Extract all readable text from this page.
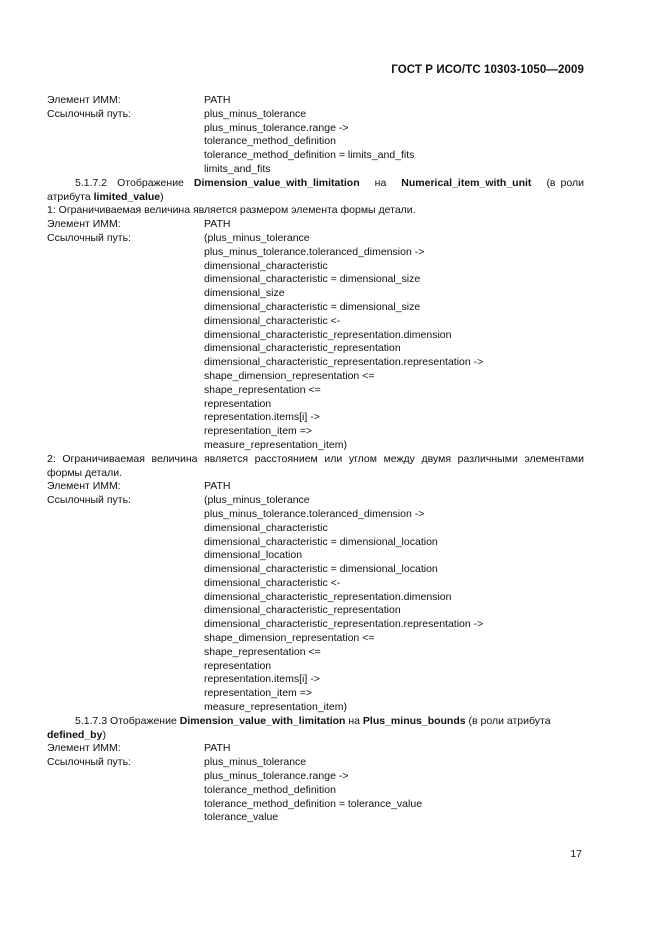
ГОСТ Р ИСО/ТС 10303-1050—2009
Элемент ИММ:	PATH
Ссылочный путь:	plus_minus_tolerance
plus_minus_tolerance.range ->
tolerance_method_definition
tolerance_method_definition = limits_and_fits
limits_and_fits
5.1.7.2 Отображение Dimension_value_with_limitation на Numerical_item_with_unit (в роли атрибута limited_value)
1: Ограничиваемая величина является размером элемента формы детали.
Элемент ИММ:	PATH
Ссылочный путь:	(plus_minus_tolerance
plus_minus_tolerance.toleranced_dimension ->
dimensional_characteristic
dimensional_characteristic = dimensional_size
dimensional_size
dimensional_characteristic = dimensional_size
dimensional_characteristic <-
dimensional_characteristic_representation.dimension
dimensional_characteristic_representation
dimensional_characteristic_representation.representation ->
shape_dimension_representation <=
shape_representation <=
representation
representation.items[i] ->
representation_item =>
measure_representation_item)
2: Ограничиваемая величина является расстоянием или углом между двумя различными элементами формы детали.
Элемент ИММ:	PATH
Ссылочный путь:	(plus_minus_tolerance
plus_minus_tolerance.toleranced_dimension ->
dimensional_characteristic
dimensional_characteristic = dimensional_location
dimensional_location
dimensional_characteristic = dimensional_location
dimensional_characteristic <-
dimensional_characteristic_representation.dimension
dimensional_characteristic_representation
dimensional_characteristic_representation.representation ->
shape_dimension_representation <=
shape_representation <=
representation
representation.items[i] ->
representation_item =>
measure_representation_item)
5.1.7.3 Отображение Dimension_value_with_limitation на Plus_minus_bounds (в роли атрибута defined_by)
Элемент ИММ:	PATH
Ссылочный путь:	plus_minus_tolerance
plus_minus_tolerance.range ->
tolerance_method_definition
tolerance_method_definition = tolerance_value
tolerance_value
17
